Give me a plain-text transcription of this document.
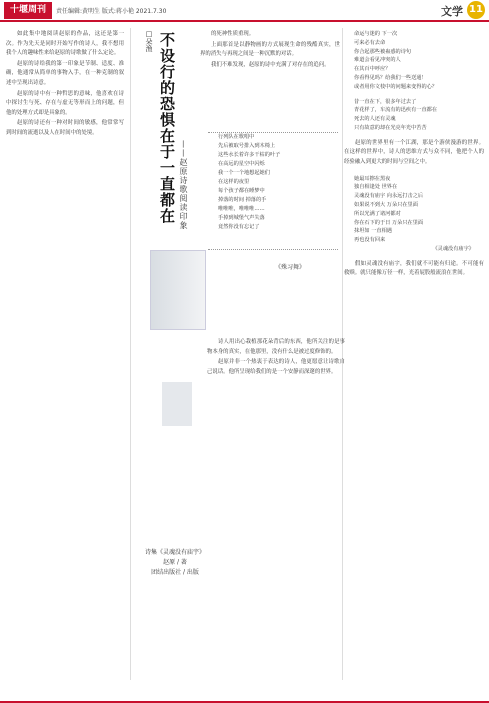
十堰周刊	责任编辑:黄明生 版式:蒋小艳 2021.7.30	文学 11

如此集中地阅读赵原的作品，这还是第一次。作为先天是同时开始写作的诗人，我不想用我个人的趣味性来给赵原的诗歌做了什么定论。

赵原的诗给我的第一印象是节制、适度、准确，他通常从简单的事物入手，在一种克制的叙述中呈现出诗意。

赵原的诗中有一种哲思的意味，他喜欢在诗中探讨生与死、存在与虚无等形而上的问题，但他的处理方式却是具象的。

赵原的诗还有一种对时间的敏感，他常常写到时间的流逝以及人在时间中的处境。

□朵渔 不设行的恐惧在于一直都在 ——赵原诗歌阅读印象

的死神性质重现。

上面那首是以静物画的方式展现生命的残酷真实，世界的消失与再现之间是一种沉默的对话。

我们不难发现，赵原的诗中充满了对存在的追问。

行列队在歌唱中
先后被取号排入到木椅上
这些水长着许多干枯的叶子
在高远的星空中闪烁
我一个一个地想起她们
在这样的夜里
每个孩子都在睡梦中
掉落的时间 掉落的手
唯唯唯，唯唯唯……
手掉到城堡气声失落
竟然你没有忘记了
《殊习舞》
诗集《灵魂没有庙宇》
赵原 / 著
团结出版社 / 出版

诗人用出心栽植那花朵背后的东西，他所关注的是事物本身的真实，在他那里，没有什么是被过度修饰的。

赵原并非一个热衷于表达的诗人，他更愿意让诗歌自己说话。他所呈现给我们的是一个安静而深邃的世界。

命运与迷的 下一次
可来必有去命
你合起那些被蛊惑的诗句
难道会看见冲突的人
在其百中呼应？
你看得见吗？给我们一些送通！
或者用你文枝中的问题来变得的心？
昔一直在下，很多年过去了
青花样了，车流有的迅疾有一直都在
死去的人还有灵魂
只有故意的却在光亮年光中苦苦

赵原的世界里有一个江湖，那是个游侠漫游的世界。在这样的世界中，诗人的思维方式与众不同，他把个人的经验融入到更大的时间与空间之中。

她最耳擦在黑夜
独自相逢处 世界在
灵魂没有庙宇 向永远打击之后
如果说不到大 万朵只在里面
所以光满了诸河都对
你在石下的于日 万朵只在里面
抹坦如 一直相遇
再也没有回来
《灵魂没有庙宇》

假如灵魂没有庙宇，我们就不可能有归途。不可能有救赎。就只能像万径一样，光着屁股般流浪在世间。
